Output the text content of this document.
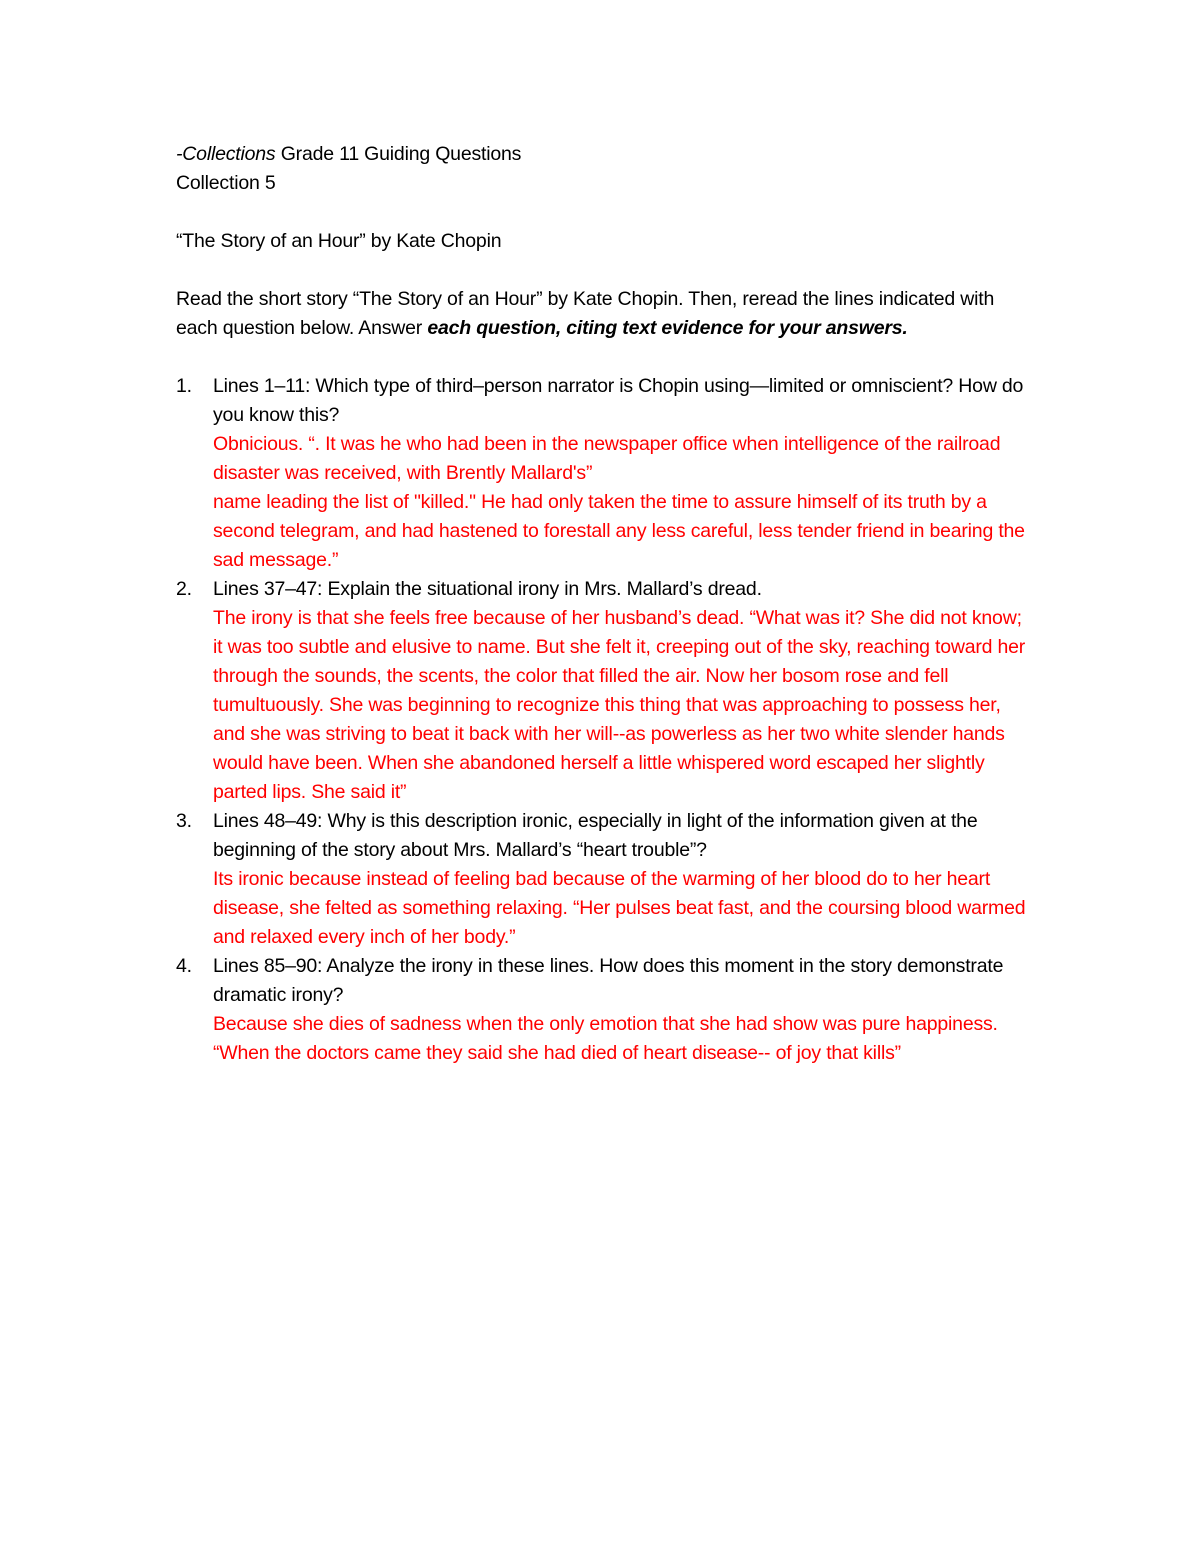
-Collections Grade 11 Guiding Questions

Collection 5

“The Story of an Hour” by Kate Chopin

Read the short story “The Story of an Hour” by Kate Chopin. Then, reread the lines indicated with each question below. Answer each question, citing text evidence for your answers.

1. Lines 1–11: Which type of third–person narrator is Chopin using—limited or omniscient? How do you know this?

Obnicious. “. It was he who had been in the newspaper office when intelligence of the railroad disaster was received, with Brently Mallard's”

name leading the list of "killed." He had only taken the time to assure himself of its truth by a second telegram, and had hastened to forestall any less careful, less tender friend in bearing the

sad message.”

2. Lines 37–47: Explain the situational irony in Mrs. Mallard’s dread.

The irony is that she feels free because of her husband’s dead. “What was it? She did not know; it was too subtle and elusive to name. But she felt it, creeping out of the sky, reaching toward her through the sounds, the scents, the color that filled the air. Now her bosom rose and fell tumultuously. She was beginning to recognize this thing that was approaching to possess her, and she was striving to beat it back with her will--as powerless as her two white slender hands would have been. When she abandoned herself a little whispered word escaped her slightly parted lips. She said it”

3. Lines 48–49: Why is this description ironic, especially in light of the information given at the beginning of the story about Mrs. Mallard’s “heart trouble”?

Its ironic because instead of feeling bad because of the warming of her blood do to her heart disease, she felted as something relaxing. “Her pulses beat fast, and the coursing blood warmed and relaxed every inch of her body.”

4. Lines 85–90: Analyze the irony in these lines. How does this moment in the story demonstrate dramatic irony?

Because she dies of sadness when the only emotion that she had show was pure happiness. “When the doctors came they said she had died of heart disease-- of joy that kills”
